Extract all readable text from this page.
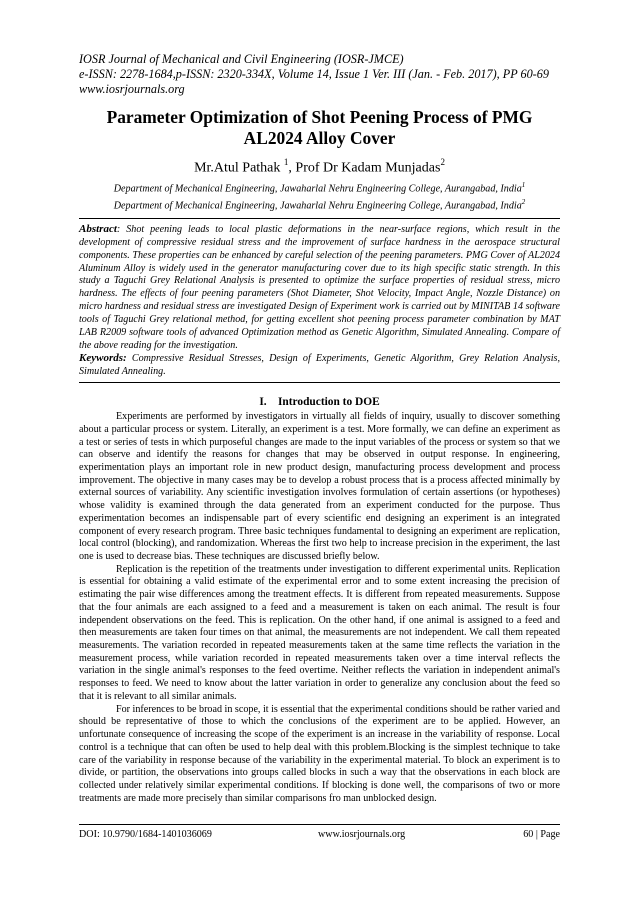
IOSR Journal of Mechanical and Civil Engineering (IOSR-JMCE)
e-ISSN: 2278-1684,p-ISSN: 2320-334X, Volume 14, Issue 1 Ver. III (Jan. - Feb. 2017), PP 60-69
www.iosrjournals.org
Parameter Optimization of Shot Peening Process of PMG AL2024 Alloy Cover
Mr.Atul Pathak $^1$, Prof Dr Kadam Munjadas$^2$
Department of Mechanical Engineering, Jawaharlal Nehru Engineering College, Aurangabad, India$^1$
Department of Mechanical Engineering, Jawaharlal Nehru Engineering College, Aurangabad, India$^2$
Abstract: Shot peening leads to local plastic deformations in the near-surface regions, which result in the development of compressive residual stress and the improvement of surface hardness in the aerospace structural components. These properties can be enhanced by careful selection of the peening parameters. PMG Cover of AL2024 Aluminum Alloy is widely used in the generator manufacturing cover due to its high specific static strength. In this study a Taguchi Grey Relational Analysis is presented to optimize the surface properties of residual stress, micro hardness. The effects of four peening parameters (Shot Diameter, Shot Velocity, Impact Angle, Nozzle Distance) on micro hardness and residual stress are investigated Design of Experiment work is carried out by MINITAB 14 software tools of Taguchi Grey relational method, for getting excellent shot peening process parameter combination by MAT LAB R2009 software tools of advanced Optimization method as Genetic Algorithm, Simulated Annealing. Compare of the above reading for the investigation.
Keywords: Compressive Residual Stresses, Design of Experiments, Genetic Algorithm, Grey Relation Analysis, Simulated Annealing.
I.    Introduction to DOE

Experiments are performed by investigators in virtually all fields of inquiry, usually to discover something about a particular process or system. Literally, an experiment is a test. More formally, we can define an experiment as a test or series of tests in which purposeful changes are made to the input variables of the process or system so that we can observe and identify the reasons for changes that may be observed in output response. In engineering, experimentation plays an important role in new product design, manufacturing process development and process improvement. The objective in many cases may be to develop a robust process that is a process affected minimally by external sources of variability. Any scientific investigation involves formulation of certain assertions (or hypotheses) whose validity is examined through the data generated from an experiment conducted for the purpose. Thus experimentation becomes an indispensable part of every scientific end designing an experiment is an integrated component of every research program. Three basic techniques fundamental to designing an experiment are replication, local control (blocking), and randomization. Whereas the first two help to increase precision in the experiment, the last one is used to decrease bias. These techniques are discussed briefly below.

Replication is the repetition of the treatments under investigation to different experimental units. Replication is essential for obtaining a valid estimate of the experimental error and to some extent increasing the precision of estimating the pair wise differences among the treatment effects. It is different from repeated measurements. Suppose that the four animals are each assigned to a feed and a measurement is taken on each animal. The result is four independent observations on the feed. This is replication. On the other hand, if one animal is assigned to a feed and then measurements are taken four times on that animal, the measurements are not independent. We call them repeated measurements. The variation recorded in repeated measurements taken at the same time reflects the variation in the measurement process, while variation recorded in repeated measurements taken over a time interval reflects the variation in the single animal's responses to the feed overtime. Neither reflects the variation in independent animal's responses to feed. We need to know about the latter variation in order to generalize any conclusion about the feed so that it is relevant to all similar animals.

For inferences to be broad in scope, it is essential that the experimental conditions should be rather varied and should be representative of those to which the conclusions of the experiment are to be applied. However, an unfortunate consequence of increasing the scope of the experiment is an increase in the variability of response. Local control is a technique that can often be used to help deal with this problem.Blocking is the simplest technique to take care of the variability in response because of the variability in the experimental material. To block an experiment is to divide, or partition, the observations into groups called blocks in such a way that the observations in each block are collected under relatively similar experimental conditions. If blocking is done well, the comparisons of two or more treatments are made more precisely than similar comparisons fro man unblocked design.

DOI: 10.9790/1684-1401036069	www.iosrjournals.org	60 | Page
